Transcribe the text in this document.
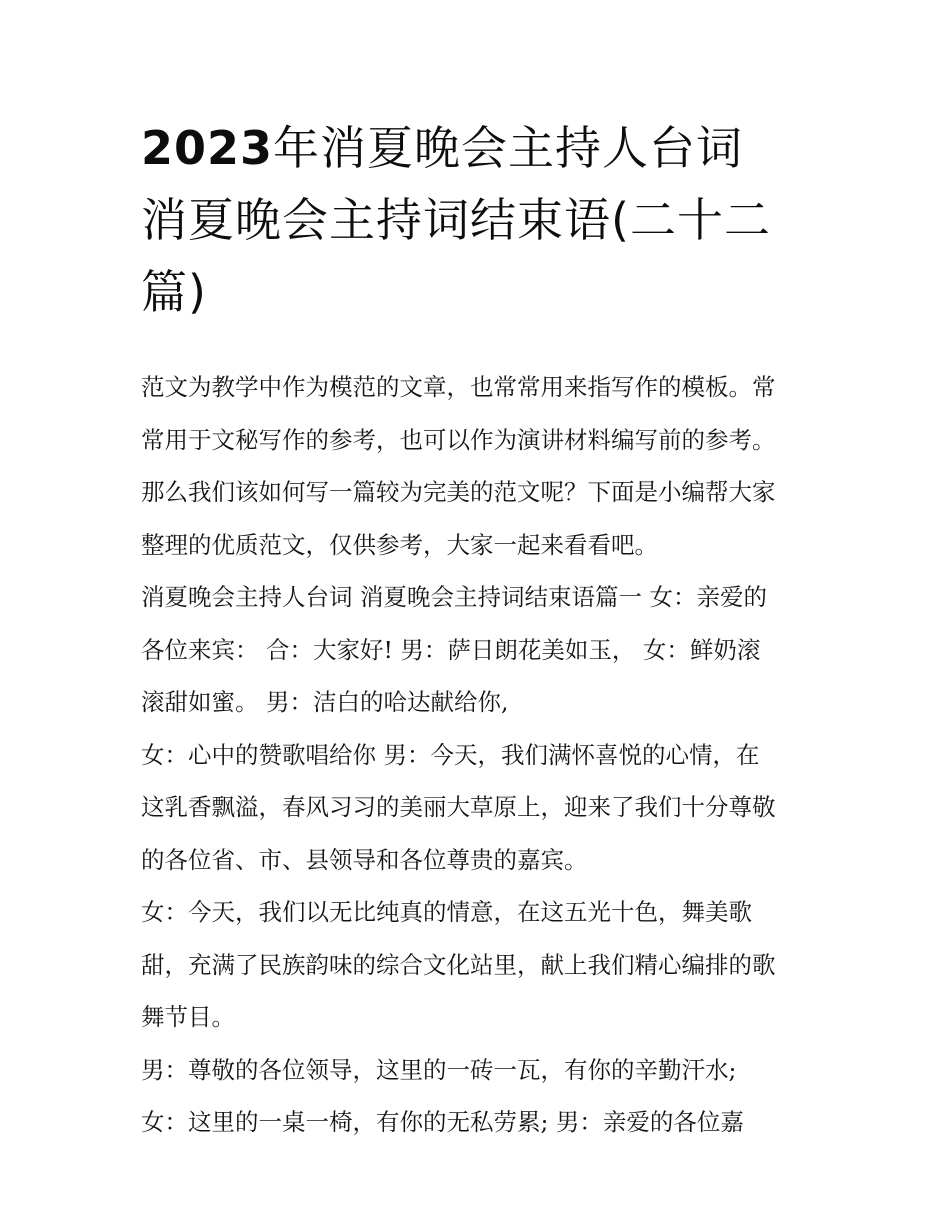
2023年消夏晚会主持人台词
消夏晚会主持词结束语(二十二
篇)

范文为教学中作为模范的文章，也常常用来指写作的模板。常
常用于文秘写作的参考，也可以作为演讲材料编写前的参考。
那么我们该如何写一篇较为完美的范文呢？下面是小编帮大家
整理的优质范文，仅供参考，大家一起来看看吧。

消夏晚会主持人台词 消夏晚会主持词结束语篇一 女：亲爱的
各位来宾： 合：大家好! 男：萨日朗花美如玉， 女：鲜奶滚
滚甜如蜜。 男：洁白的哈达献给你,

女：心中的赞歌唱给你 男：今天，我们满怀喜悦的心情，在
这乳香飘溢，春风习习的美丽大草原上，迎来了我们十分尊敬
的各位省、市、县领导和各位尊贵的嘉宾。

女：今天，我们以无比纯真的情意，在这五光十色，舞美歌
甜，充满了民族韵味的综合文化站里，献上我们精心编排的歌
舞节目。

男：尊敬的各位领导，这里的一砖一瓦，有你的辛勤汗水;

女：这里的一桌一椅，有你的无私劳累; 男：亲爱的各位嘉
